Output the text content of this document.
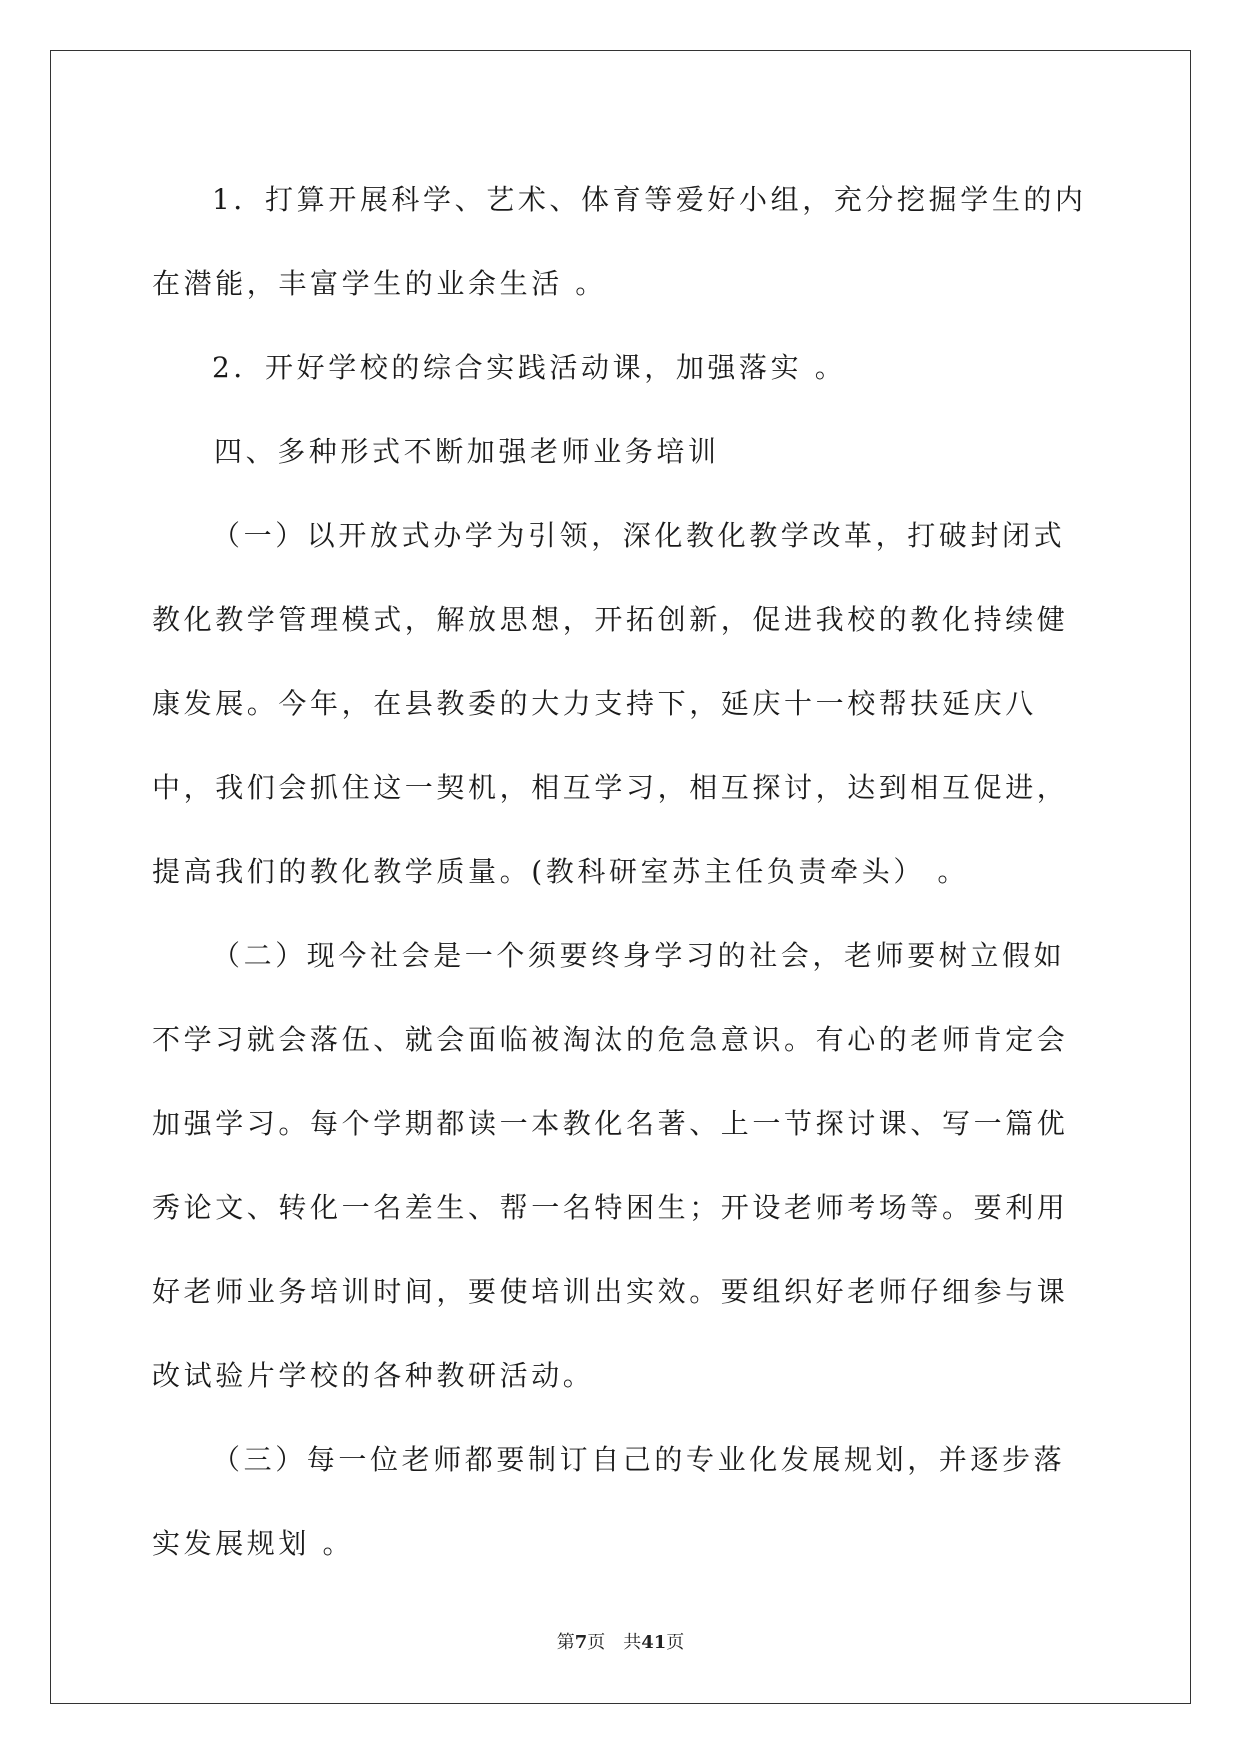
1．打算开展科学、艺术、体育等爱好小组，充分挖掘学生的内在潜能，丰富学生的业余生活 。

2．开好学校的综合实践活动课，加强落实 。

四、多种形式不断加强老师业务培训

（一）以开放式办学为引领，深化教化教学改革，打破封闭式教化教学管理模式，解放思想，开拓创新，促进我校的教化持续健康发展。今年，在县教委的大力支持下，延庆十一校帮扶延庆八中，我们会抓住这一契机，相互学习，相互探讨，达到相互促进，提高我们的教化教学质量。(教科研室苏主任负责牵头） 。

（二）现今社会是一个须要终身学习的社会，老师要树立假如不学习就会落伍、就会面临被淘汰的危急意识。有心的老师肯定会加强学习。每个学期都读一本教化名著、上一节探讨课、写一篇优秀论文、转化一名差生、帮一名特困生；开设老师考场等。要利用好老师业务培训时间，要使培训出实效。要组织好老师仔细参与课改试验片学校的各种教研活动。

（三）每一位老师都要制订自己的专业化发展规划，并逐步落实发展规划 。

第7页 共41页
